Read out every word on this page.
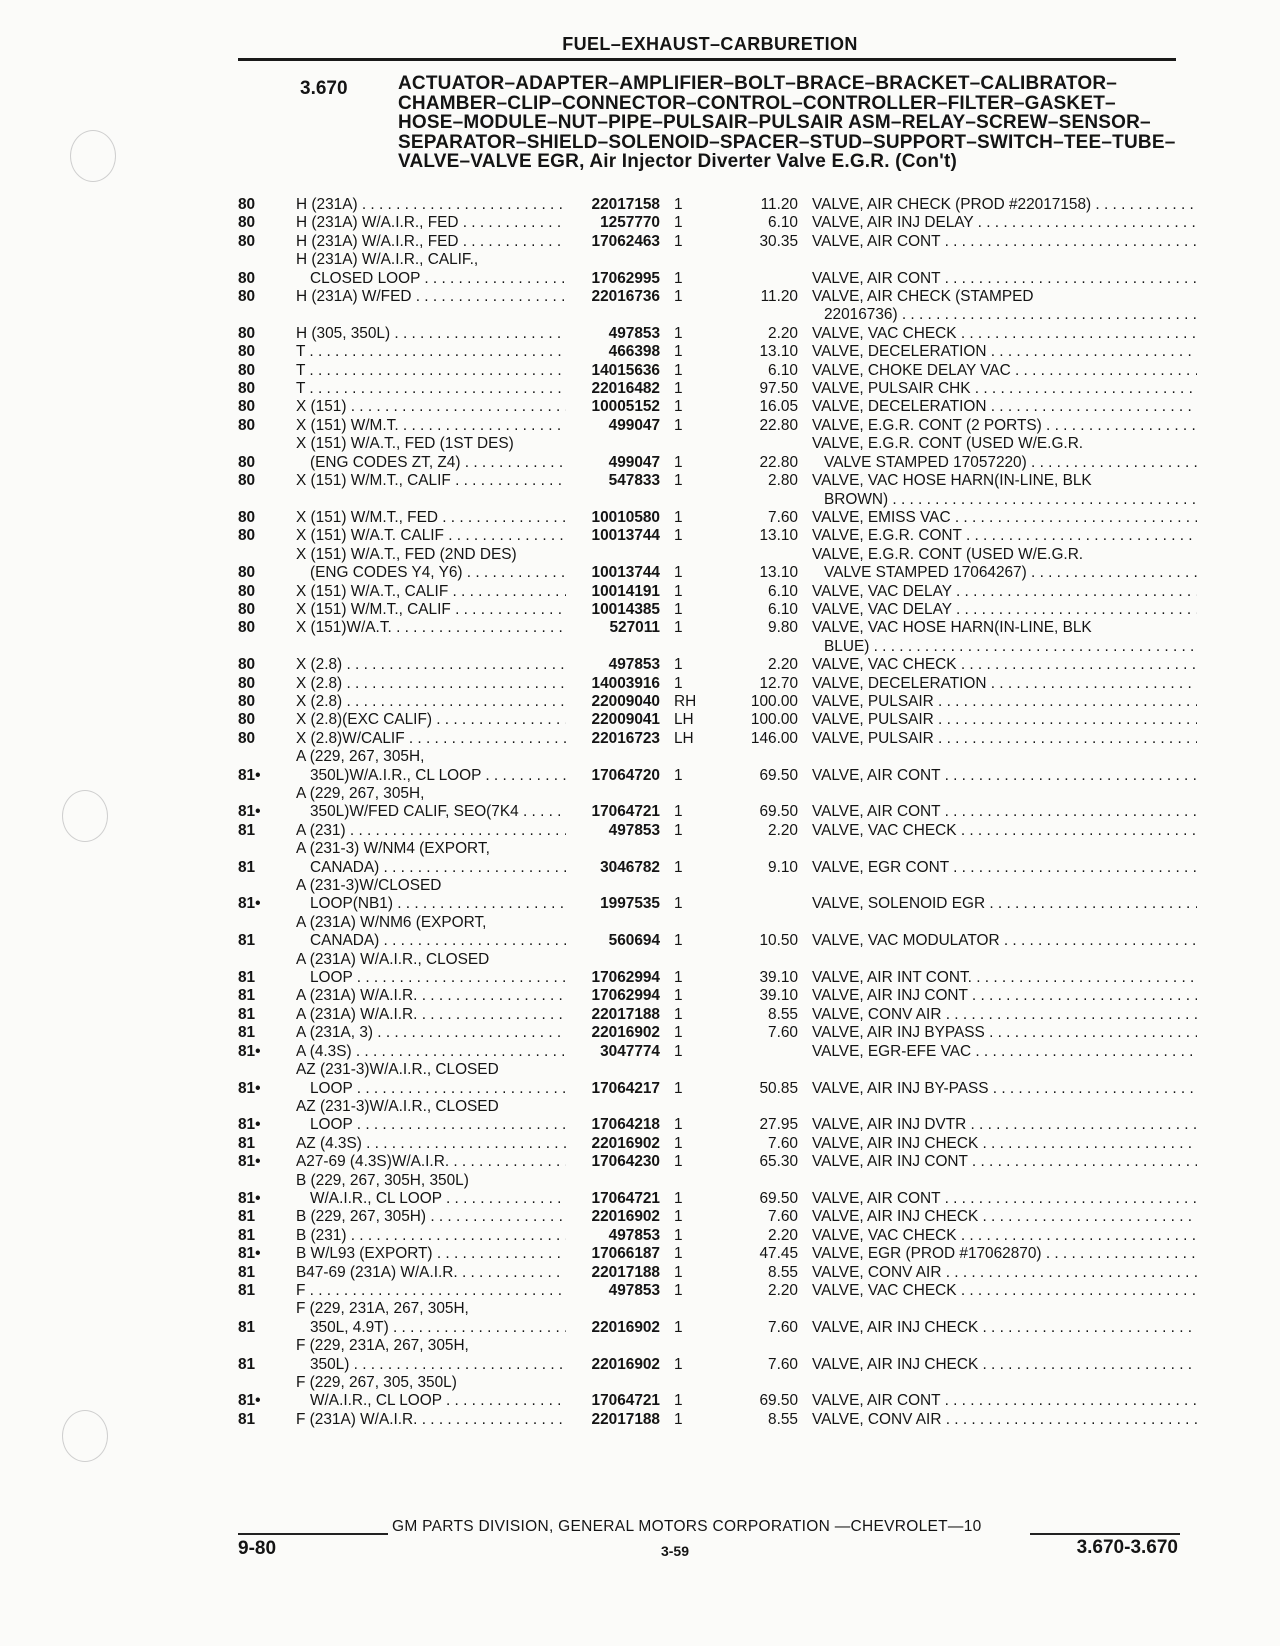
FUEL–EXHAUST–CARBURETION
3.670	ACTUATOR–ADAPTER–AMPLIFIER–BOLT–BRACE–BRACKET–CALIBRATOR–CHAMBER–CLIP–CONNECTOR–CONTROL–CONTROLLER–FILTER–GASKET–HOSE–MODULE–NUT–PIPE–PULSAIR–PULSAIR ASM–RELAY–SCREW–SENSOR–SEPARATOR–SHIELD–SOLENOID–SPACER–STUD–SUPPORT–SWITCH–TEE–TUBE–VALVE–VALVE EGR, Air Injector Diverter Valve E.G.R. (Con't)
80	H (231A) . . .	22017158	1	11.20	VALVE, AIR CHECK (PROD #22017158) . . .

80	H (231A) W/A.I.R., FED . . .	1257770	1	6.10	VALVE, AIR INJ DELAY . . .

80	H (231A) W/A.I.R., FED . . .	17062463	1	30.35	VALVE, AIR CONT . . .

80	H (231A) W/A.I.R., CALIF.,
CLOSED LOOP . . .	17062995	1		VALVE, AIR CONT . . .

80	H (231A) W/FED . . .	22016736	1	11.20	VALVE, AIR CHECK (STAMPED
22016736) . . .

80	H (305, 350L) . . .	497853	1	2.20	VALVE, VAC CHECK . . .

80	T . . .	466398	1	13.10	VALVE, DECELERATION . . .

80	T . . .	14015636	1	6.10	VALVE, CHOKE DELAY VAC . . .

80	T . . .	22016482	1	97.50	VALVE, PULSAIR CHK . . .

80	X (151) . . .	10005152	1	16.05	VALVE, DECELERATION . . .

80	X (151) W/M.T. . . .	499047	1	22.80	VALVE, E.G.R. CONT (2 PORTS) . . .

80	X (151) W/A.T., FED (1ST DES)
(ENG CODES ZT, Z4) . . .	499047	1	22.80	VALVE, E.G.R. CONT (USED W/E.G.R.
VALVE STAMPED 17057220) . . .

80	X (151) W/M.T., CALIF . . .	547833	1	2.80	VALVE, VAC HOSE HARN(IN-LINE, BLK
BROWN) . . .

80	X (151) W/M.T., FED . . .	10010580	1	7.60	VALVE, EMISS VAC . . .

80	X (151) W/A.T. CALIF . . .	10013744	1	13.10	VALVE, E.G.R. CONT . . .

80	X (151) W/A.T., FED (2ND DES)
(ENG CODES Y4, Y6) . . .	10013744	1	13.10	VALVE, E.G.R. CONT (USED W/E.G.R.
VALVE STAMPED 17064267) . . .

80	X (151) W/A.T., CALIF . . .	10014191	1	6.10	VALVE, VAC DELAY . . .

80	X (151) W/M.T., CALIF . . .	10014385	1	6.10	VALVE, VAC DELAY . . .

80	X (151)W/A.T. . . .	527011	1	9.80	VALVE, VAC HOSE HARN(IN-LINE, BLK
BLUE) . . .

80	X (2.8) . . .	497853	1	2.20	VALVE, VAC CHECK . . .

80	X (2.8) . . .	14003916	1	12.70	VALVE, DECELERATION . . .

80	X (2.8) . . .	22009040	RH	100.00	VALVE, PULSAIR . . .

80	X (2.8)(EXC CALIF) . . .	22009041	LH	100.00	VALVE, PULSAIR . . .

80	X (2.8)W/CALIF . . .	22016723	LH	146.00	VALVE, PULSAIR . . .

81•	A (229, 267, 305H,
350L)W/A.I.R., CL LOOP . . .	17064720	1	69.50	VALVE, AIR CONT . . .

81•	A (229, 267, 305H,
350L)W/FED CALIF, SEO(7K4 . . .	17064721	1	69.50	VALVE, AIR CONT . . .

81	A (231) . . .	497853	1	2.20	VALVE, VAC CHECK . . .

81	A (231-3) W/NM4 (EXPORT,
CANADA) . . .	3046782	1	9.10	VALVE, EGR CONT . . .

81•	A (231-3)W/CLOSED
LOOP(NB1) . . .	1997535	1		VALVE, SOLENOID EGR . . .

81	A (231A) W/NM6 (EXPORT,
CANADA) . . .	560694	1	10.50	VALVE, VAC MODULATOR . . .

81	A (231A) W/A.I.R., CLOSED
LOOP . . .	17062994	1	39.10	VALVE, AIR INT CONT. . . .

81	A (231A) W/A.I.R. . . .	17062994	1	39.10	VALVE, AIR INJ CONT . . .

81	A (231A) W/A.I.R. . . .	22017188	1	8.55	VALVE, CONV AIR . . .

81	A (231A, 3) . . .	22016902	1	7.60	VALVE, AIR INJ BYPASS . . .

81•	A (4.3S) . . .	3047774	1		VALVE, EGR-EFE VAC . . .

81•	AZ (231-3)W/A.I.R., CLOSED
LOOP . . .	17064217	1	50.85	VALVE, AIR INJ BY-PASS . . .

81•	AZ (231-3)W/A.I.R., CLOSED
LOOP . . .	17064218	1	27.95	VALVE, AIR INJ DVTR . . .

81	AZ (4.3S) . . .	22016902	1	7.60	VALVE, AIR INJ CHECK . . .

81•	A27-69 (4.3S)W/A.I.R. . . .	17064230	1	65.30	VALVE, AIR INJ CONT . . .

81•	B (229, 267, 305H, 350L)
W/A.I.R., CL LOOP . . .	17064721	1	69.50	VALVE, AIR CONT . . .

81	B (229, 267, 305H) . . .	22016902	1	7.60	VALVE, AIR INJ CHECK . . .

81	B (231) . . .	497853	1	2.20	VALVE, VAC CHECK . . .

81•	B W/L93 (EXPORT) . . .	17066187	1	47.45	VALVE, EGR (PROD #17062870) . . .

81	B47-69 (231A) W/A.I.R. . . .	22017188	1	8.55	VALVE, CONV AIR . . .

81	F . . .	497853	1	2.20	VALVE, VAC CHECK . . .

81	F (229, 231A, 267, 305H,
350L, 4.9T) . . .	22016902	1	7.60	VALVE, AIR INJ CHECK . . .

81	F (229, 231A, 267, 305H,
350L) . . .	22016902	1	7.60	VALVE, AIR INJ CHECK . . .

81•	F (229, 267, 305, 350L)
W/A.I.R., CL LOOP . . .	17064721	1	69.50	VALVE, AIR CONT . . .

81	F (231A) W/A.I.R. . . .	22017188	1	8.55	VALVE, CONV AIR . . .
GM PARTS DIVISION, GENERAL MOTORS CORPORATION —CHEVROLET—10
9-80	3-59	3.670-3.670
